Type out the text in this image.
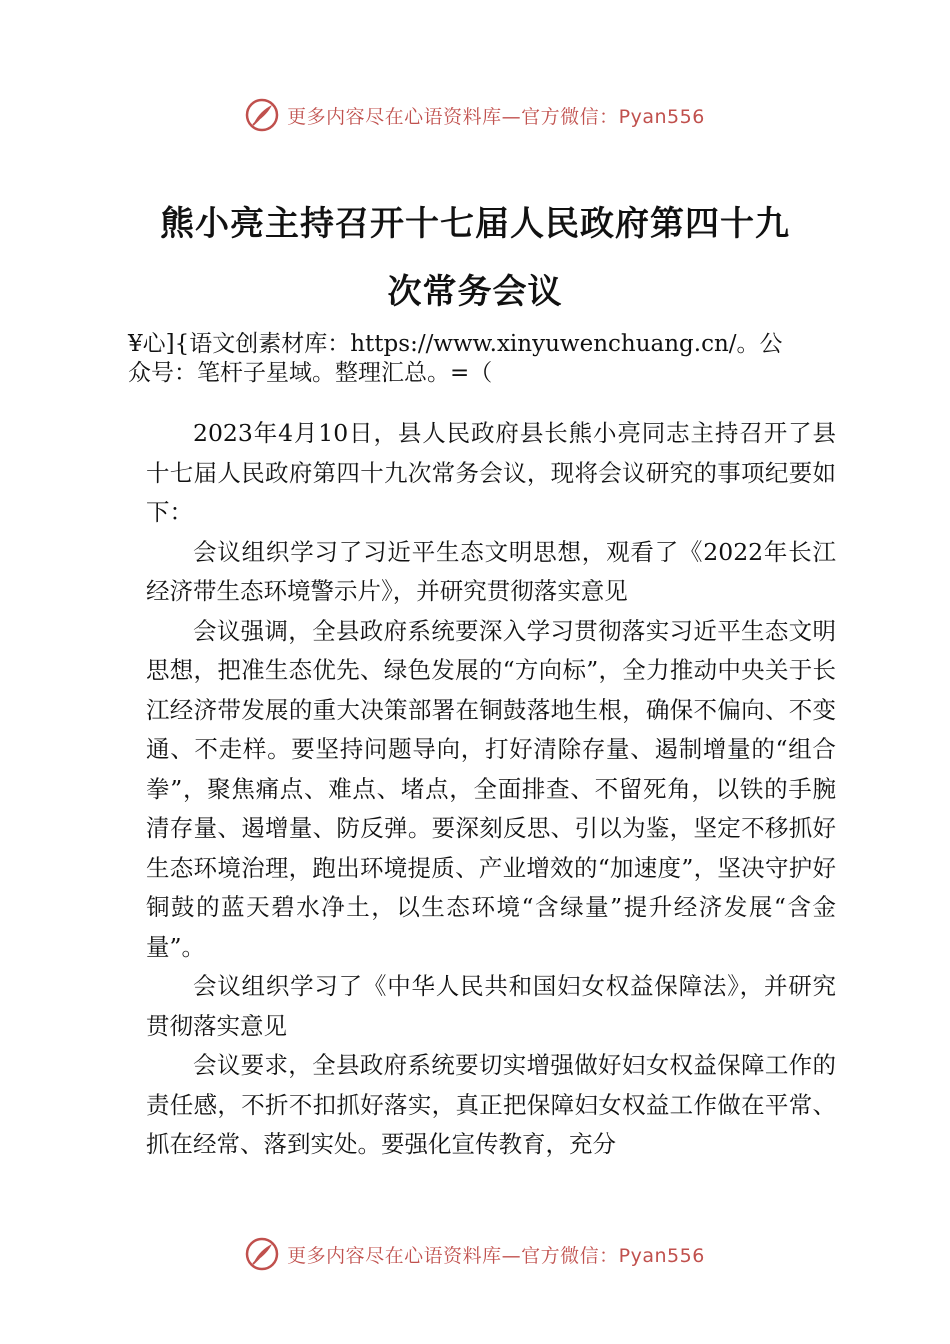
更多内容尽在心语资料库—官方微信：Pyan556
熊小亮主持召开十七届人民政府第四十九
次常务会议
¥心]{语文创素材库：https://www.xinyuwenchuang.cn/。公
众号：笔杆子星域。整理汇总。=（

2023年4月10日，县人民政府县长熊小亮同志主持召开了县十七届人民政府第四十九次常务会议，现将会议研究的事项纪要如下：

会议组织学习了习近平生态文明思想，观看了《2022年长江经济带生态环境警示片》，并研究贯彻落实意见

会议强调，全县政府系统要深入学习贯彻落实习近平生态文明思想，把准生态优先、绿色发展的“方向标”，全力推动中央关于长江经济带发展的重大决策部署在铜鼓落地生根，确保不偏向、不变通、不走样。要坚持问题导向，打好清除存量、遏制增量的“组合拳”，聚焦痛点、难点、堵点，全面排查、不留死角，以铁的手腕清存量、遏增量、防反弹。要深刻反思、引以为鉴，坚定不移抓好生态环境治理，跑出环境提质、产业增效的“加速度”，坚决守护好铜鼓的蓝天碧水净土，以生态环境“含绿量”提升经济发展“含金量”。

会议组织学习了《中华人民共和国妇女权益保障法》，并研究贯彻落实意见

会议要求，全县政府系统要切实增强做好妇女权益保障工作的责任感，不折不扣抓好落实，真正把保障妇女权益工作做在平常、抓在经常、落到实处。要强化宣传教育，充分

更多内容尽在心语资料库—官方微信：Pyan556
